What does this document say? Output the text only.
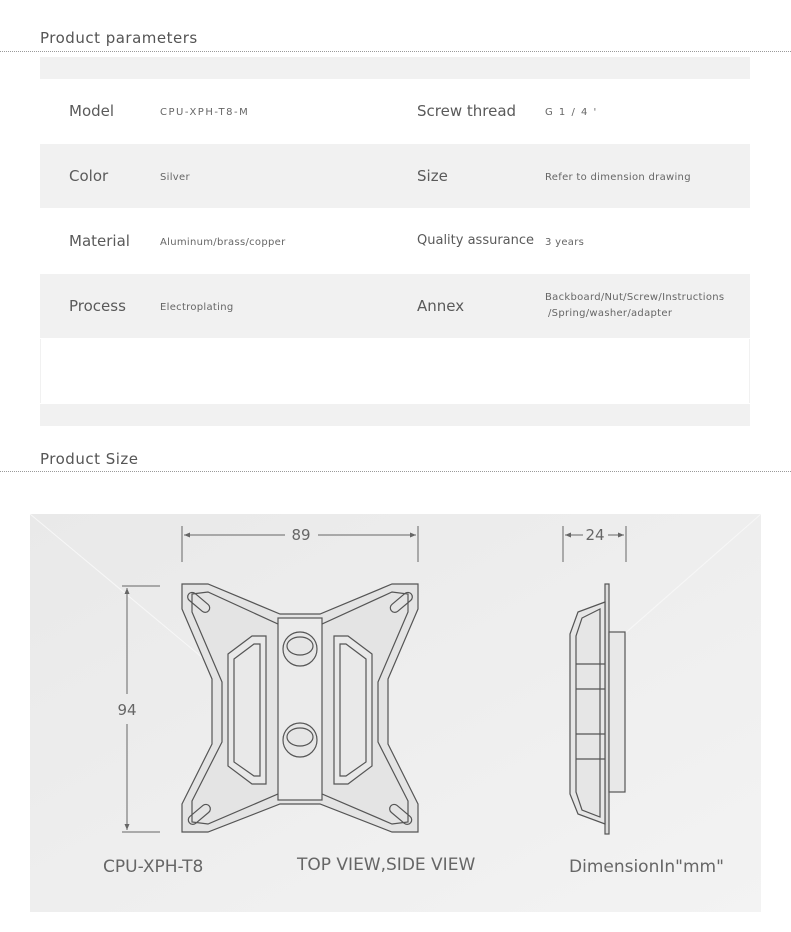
Product parameters
Model	CPU-XPH-T8-M	Screw thread	G 1 / 4 '
Color	Silver	Size	Refer to dimension drawing
Material	Aluminum/brass/copper	Quality assurance 3 years
Process	Electroplating	Annex	Backboard/Nut/Screw/Instructions
/Spring/washer/adapter
Product Size
89
94
24
CPU-XPH-T8	TOP VIEW,SIDE VIEW	DimensionIn"mm"
